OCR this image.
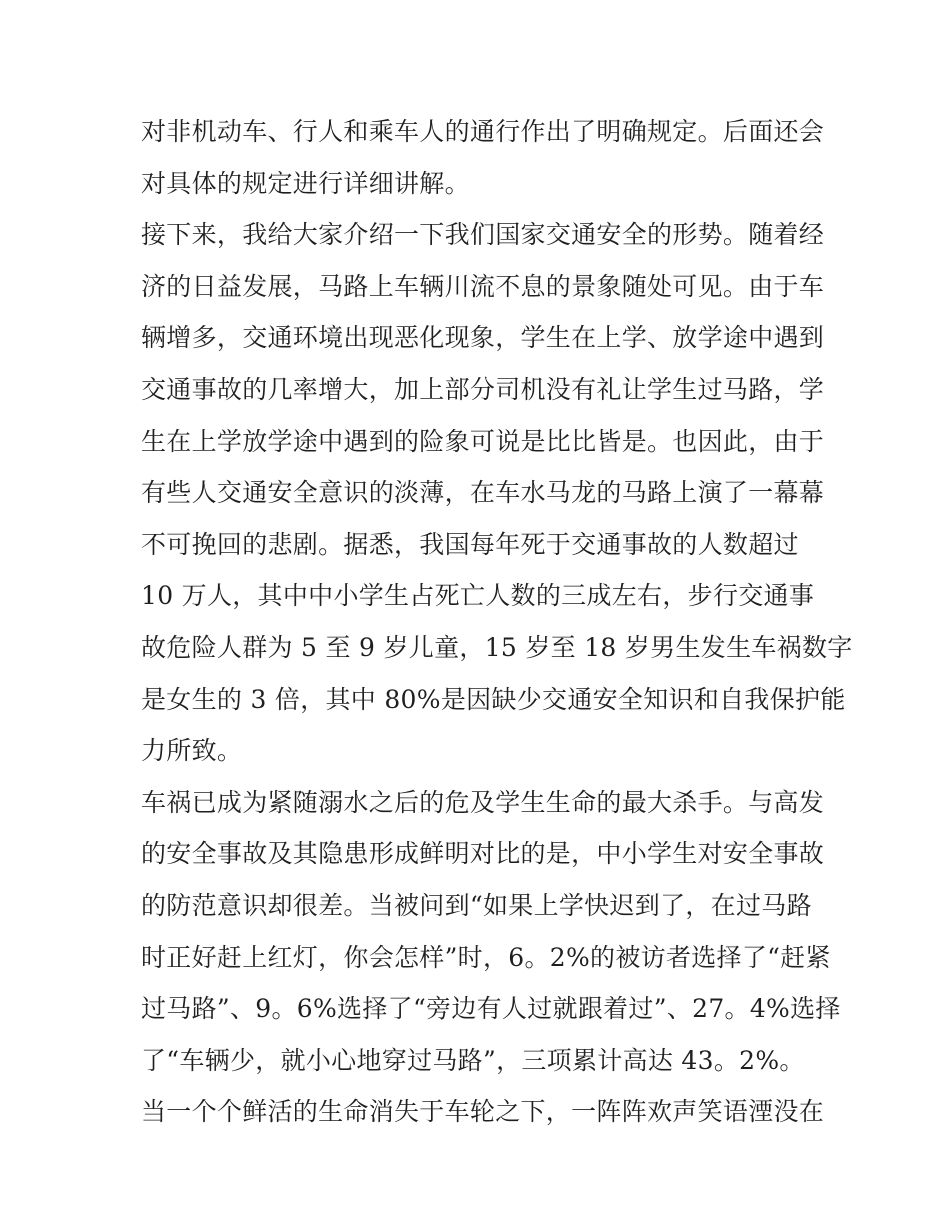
对非机动车、行人和乘车人的通行作出了明确规定。后面还会
对具体的规定进行详细讲解。
接下来，我给大家介绍一下我们国家交通安全的形势。随着经
济的日益发展，马路上车辆川流不息的景象随处可见。由于车
辆增多，交通环境出现恶化现象，学生在上学、放学途中遇到
交通事故的几率增大，加上部分司机没有礼让学生过马路，学
生在上学放学途中遇到的险象可说是比比皆是。也因此，由于
有些人交通安全意识的淡薄，在车水马龙的马路上演了一幕幕
不可挽回的悲剧。据悉，我国每年死于交通事故的人数超过
10 万人，其中中小学生占死亡人数的三成左右，步行交通事
故危险人群为 5 至 9 岁儿童，15 岁至 18 岁男生发生车祸数字
是女生的 3 倍，其中 80%是因缺少交通安全知识和自我保护能
力所致。
车祸已成为紧随溺水之后的危及学生生命的最大杀手。与高发
的安全事故及其隐患形成鲜明对比的是，中小学生对安全事故
的防范意识却很差。当被问到“如果上学快迟到了，在过马路
时正好赶上红灯，你会怎样”时，6。2%的被访者选择了“赶紧
过马路”、9。6%选择了“旁边有人过就跟着过”、27。4%选择
了“车辆少，就小心地穿过马路”，三项累计高达 43。2%。
当一个个鲜活的生命消失于车轮之下，一阵阵欢声笑语湮没在
